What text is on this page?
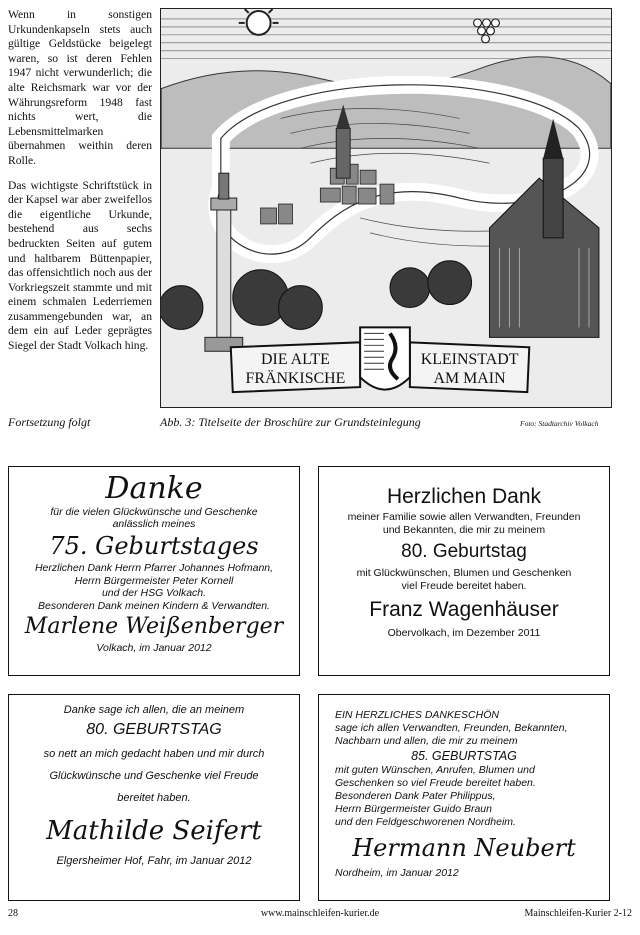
Wenn in sonstigen Urkundenkapseln stets auch gültige Geldstücke beigelegt waren, so ist deren Fehlen 1947 nicht verwunderlich; die alte Reichsmark war vor der Währungsreform 1948 fast nichts wert, die Lebensmittelmarken übernahmen weithin deren Rolle.

Das wichtigste Schriftstück in der Kapsel war aber zweifellos die eigentliche Urkunde, bestehend aus sechs bedruckten Seiten auf gutem und haltbarem Büttenpapier, das offensichtlich noch aus der Vorkriegszeit stammte und mit einem schmalen Lederriemen zusammengebunden war, an dem ein auf Leder geprägtes Siegel der Stadt Volkach hing.

DIE ALTE
FRÄNKISCHE
KLEINSTADT
AM MAIN
Fortsetzung folgt	Abb. 3: Titelseite der Broschüre zur Grundsteinlegung	Foto: Stadtarchiv Volkach
Danke
für die vielen Glückwünsche und Geschenke
anlässlich meines
75. Geburtstages
Herzlichen Dank Herrn Pfarrer Johannes Hofmann,
Herrn Bürgermeister Peter Kornell
und der HSG Volkach.
Besonderen Dank meinen Kindern & Verwandten.
Marlene Weißenberger
Volkach, im Januar 2012
Herzlichen Dank
meiner Familie sowie allen Verwandten, Freunden
und Bekannten, die mir zu meinem
80. Geburtstag
mit Glückwünschen, Blumen und Geschenken
viel Freude bereitet haben.
Franz Wagenhäuser
Obervolkach, im Dezember 2011
Danke sage ich allen, die an meinem
80. GEBURTSTAG
so nett an mich gedacht haben und mir durch
Glückwünsche und Geschenke viel Freude
bereitet haben.
Mathilde Seifert
Elgersheimer Hof, Fahr, im Januar 2012
EIN HERZLICHES DANKESCHÖN
sage ich allen Verwandten, Freunden, Bekannten,
Nachbarn und allen, die mir zu meinem
85. GEBURTSTAG
mit guten Wünschen, Anrufen, Blumen und
Geschenken so viel Freude bereitet haben.
Besonderen Dank Pater Philippus,
Herrn Bürgermeister Guido Braun
und den Feldgeschworenen Nordheim.
Hermann Neubert
Nordheim, im Januar 2012
28	www.mainschleifen-kurier.de	Mainschleifen-Kurier 2-12
